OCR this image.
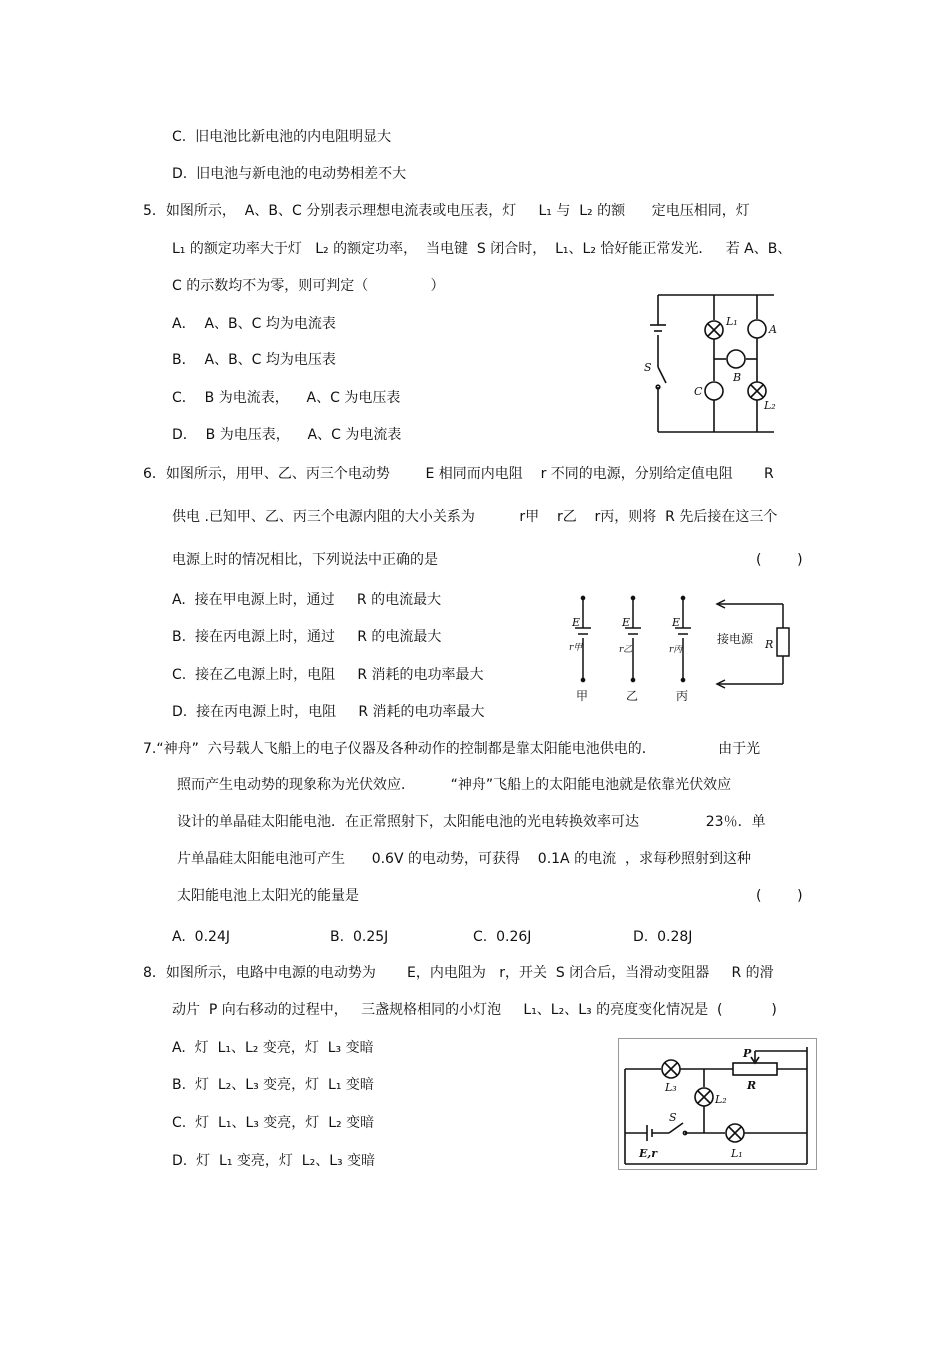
C.  旧电池比新电池的内电阻明显大
D.  旧电池与新电池的电动势相差不大
5．如图所示，  A、B、C 分别表示理想电流表或电压表，灯     L₁ 与  L₂ 的额      定电压相同，灯
L₁ 的额定功率大于灯   L₂ 的额定功率，  当电键  S 闭合时，  L₁、L₂ 恰好能正常发光．   若 A、B、
C 的示数均不为零，则可判定（              ）
A．  A、B、C 均为电流表
B．  A、B、C 均为电压表
C．  B 为电流表，    A、C 为电压表
D．  B 为电压表，    A、C 为电流表
S
L₁
A
B
C
L₂
6．如图所示，用甲、乙、丙三个电动势        E 相同而内电阻    r 不同的电源，分别给定值电阻       R
供电 .已知甲、乙、丙三个电源内阻的大小关系为          r甲    r乙    r丙，则将  R 先后接在这三个
电源上时的情况相比，下列说法中正确的是	(        )
A.  接在甲电源上时，通过     R 的电流最大
B.  接在丙电源上时，通过     R 的电流最大
C.  接在乙电源上时，电阻     R 消耗的电功率最大
D.  接在丙电源上时，电阻     R 消耗的电功率最大
E	E	E
r甲	r乙	r丙
甲	乙	丙
接电源 R
7.“神舟”  六号载人飞船上的电子仪器及各种动作的控制都是靠太阳能电池供电的．              由于光
照而产生电动势的现象称为光伏效应．        “神舟”飞船上的太阳能电池就是依靠光伏效应
设计的单晶硅太阳能电池．在正常照射下，太阳能电池的光电转换效率可达               23％．单
片单晶硅太阳能电池可产生      0.6V 的电动势，可获得    0.1A 的电流  ，求每秒照射到这种
太阳能电池上太阳光的能量是	(        )
A.  0.24J	B.  0.25J	C.  0.26J	D.  0.28J
8．如图所示，电路中电源的电动势为       E，内电阻为   r，开关  S 闭合后，当滑动变阻器     R 的滑
动片  P 向右移动的过程中，   三盏规格相同的小灯泡     L₁、L₂、L₃ 的亮度变化情况是  (           )
A.  灯  L₁、L₂ 变亮，灯  L₃ 变暗
B.  灯  L₂、L₃ 变亮，灯  L₁ 变暗
C.  灯  L₁、L₃ 变亮，灯  L₂ 变暗
D.  灯  L₁ 变亮，灯  L₂、L₃ 变暗
P
R
L₃
L₂
S
L₁
E,r
